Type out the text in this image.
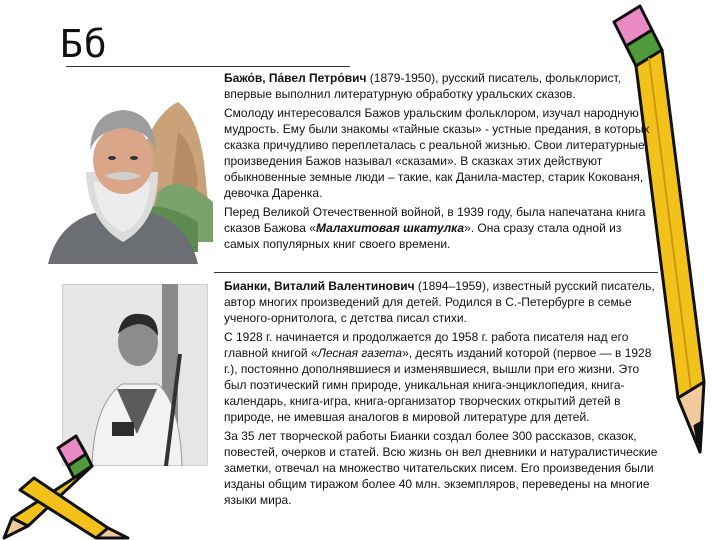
Бб

Бажо́в, Па́вел Петро́вич (1879-1950), русский писатель, фольклорист, впервые выполнил литературную обработку уральских сказов.

Смолоду интересовался Бажов уральским фольклором, изучал народную мудрость. Ему были знакомы «тайные сказы» - устные предания, в которых сказка причудливо переплеталась с реальной жизнью. Свои литературные произведения Бажов называл «сказами». В сказках этих действуют обыкновенные земные люди – такие, как Данила-мастер, старик Кокованя, девочка Даренка.

Перед Великой Отечественной войной, в 1939 году, была напечатана книга сказов Бажова «Малахитовая шкатулка». Она сразу стала одной из самых популярных книг своего времени.

Бианки, Виталий Валентинович (1894–1959), известный русский писатель, автор многих произведений для детей. Родился в С.-Петербурге в семье ученого-орнитолога, с детства писал стихи.

С 1928 г. начинается и продолжается до 1958 г. работа писателя над его главной книгой «Лесная газета», десять изданий которой (первое — в 1928 г.), постоянно дополнявшиеся и изменявшиеся, вышли при его жизни. Это был поэтический гимн природе, уникальная книга-энциклопедия, книга-календарь, книга-игра, книга-организатор творческих открытий детей в природе, не имевшая аналогов в мировой литературе для детей.

За 35 лет творческой работы Бианки создал более 300 рассказов, сказок, повестей, очерков и статей. Всю жизнь он вел дневники и натуралистические заметки, отвечал на множество читательских писем. Его произведения были изданы общим тиражом более 40 млн. экземпляров, переведены на многие языки мира.
